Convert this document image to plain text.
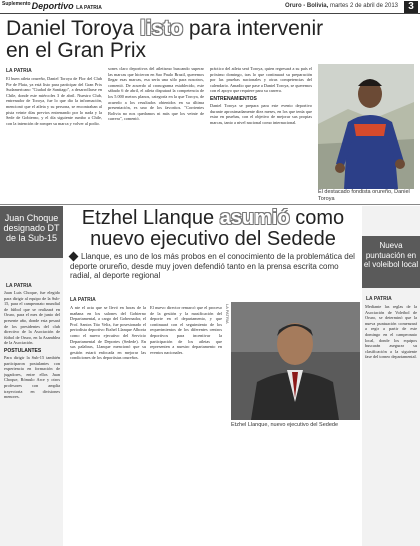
$^{Suplemento}$Deportivo LA PATRIA	Oruro - Bolivia, martes 2 de abril de 2013	3
Daniel Toroya listo para intervenir en el Gran Prix
LA PATRIA
El buen atleta orureño, Daniel Toroya de Flor del Club Pie de Plata, ya está listo para participar del Gran Prix Sudamericano "Ciudad de Santiago", a desarrollarse en Chile, donde este miércoles 3 de abril. Nuestro Club, entrenador de Toroya, fue lo que dio la información, mencionó que el atleta y su persona, se encontraban al pista veinte días previos entrenando por lo nada y la Sede de Gobierno, y el día siguiente rumbo a Chile, con la intención de romper su marca y volver al podio.
sones claro deportivos del atletismo buscando superar las marcas que hicieron en Sao Paulo Brazil, queremos llegar esas marcas, esa sería una sólo para nosotros, comentó. De acuerdo al cronograma establecido, este sábado 6 de abril, el atleta disputará la competencia de los 5.000 metros planos, categoría en la que Toroya, de acuerdo a los resultados obtenidos en su última presentación, es uno de los favoritos. "Corrientes Bolivia no nos quedamos ni más que los veinte de carrera", comentó.
práctico del atleta será Toroya, quien regresará a su país el próximo domingo, tras lo que continuará su preparación por las pruebas nacionales y otras competencias del calendario. Amadio que pase a Daniel Toroya, se queremos con el apoyo que requiere para su carrera.
ENTRENAMIENTOS
Daniel Toroya se prepara para este evento deportivo durante aproximadamente diez meses, en los que tenía que estar en pruebas, con el objetivo de mejorar sus propias marcas, tanto a nivel nacional como internacional.
El destacado fondista orureño, Daniel Toroya
Juan Choque designado DT de la Sub-15
LA PATRIA
Juan Luis Choque, fue elegido para dirigir al equipo de la Sub-15, para el campeonato mundial de fútbol que se realizará en Oruro, para el mes de junio del presente año, donde esta pesará de los presidentes del club directivo de la Asociación de fútbol de Oruro, en la Asamblea de la Asociación.
POSTULANTES
Para dirigir la Sub-15 también participaron postulantes con experiencia en formación de jugadores, entre ellos Juan Choque, Rómulo Arce y otros profesores con amplia trayectoria en divisiones menores.
Etzhel Llanque asumió como nuevo ejecutivo del Sedede
Llanque, es uno de los más probos en el conocimiento de la problemática del deporte orureño, desde muy joven defendió tanto en la prensa escrita como radial, al deporte regional
LA PATRIA
A nte el acta que se llevó en horas de la mañana en los salones del Gobierno Departamental, a cargo del Gobernador, el Prof. Santos Tito Veliz, fue posesionado el periodista deportivo Etzhel Llanque Alborta como el nuevo ejecutivo del Servicio Departamental de Deportes (Sedede). En sus palabras, Llanque mencionó que su gestión estará enfocada en mejorar las condiciones de los deportistas orureños.
El nuevo director remarcó que el proceso de la gestión y la masificación del deporte en el departamento, y que continuará con el seguimiento de los requerimientos de los diferentes centros deportivos para incentivar la participación de los atletas que representen a nuestro departamento en eventos nacionales.
LA PATRIA
Etzhel Llanque, nuevo ejecutivo del Sedede
Nueva puntuación en el voleibol local
LA PATRIA
Mediante las reglas de la Asociación de Voleibol de Oruro, se determinó que la nueva puntuación comenzará a regir a partir de este domingo en el campeonato local, donde los equipos buscarán asegurar su clasificación a la siguiente fase del torneo departamental.
